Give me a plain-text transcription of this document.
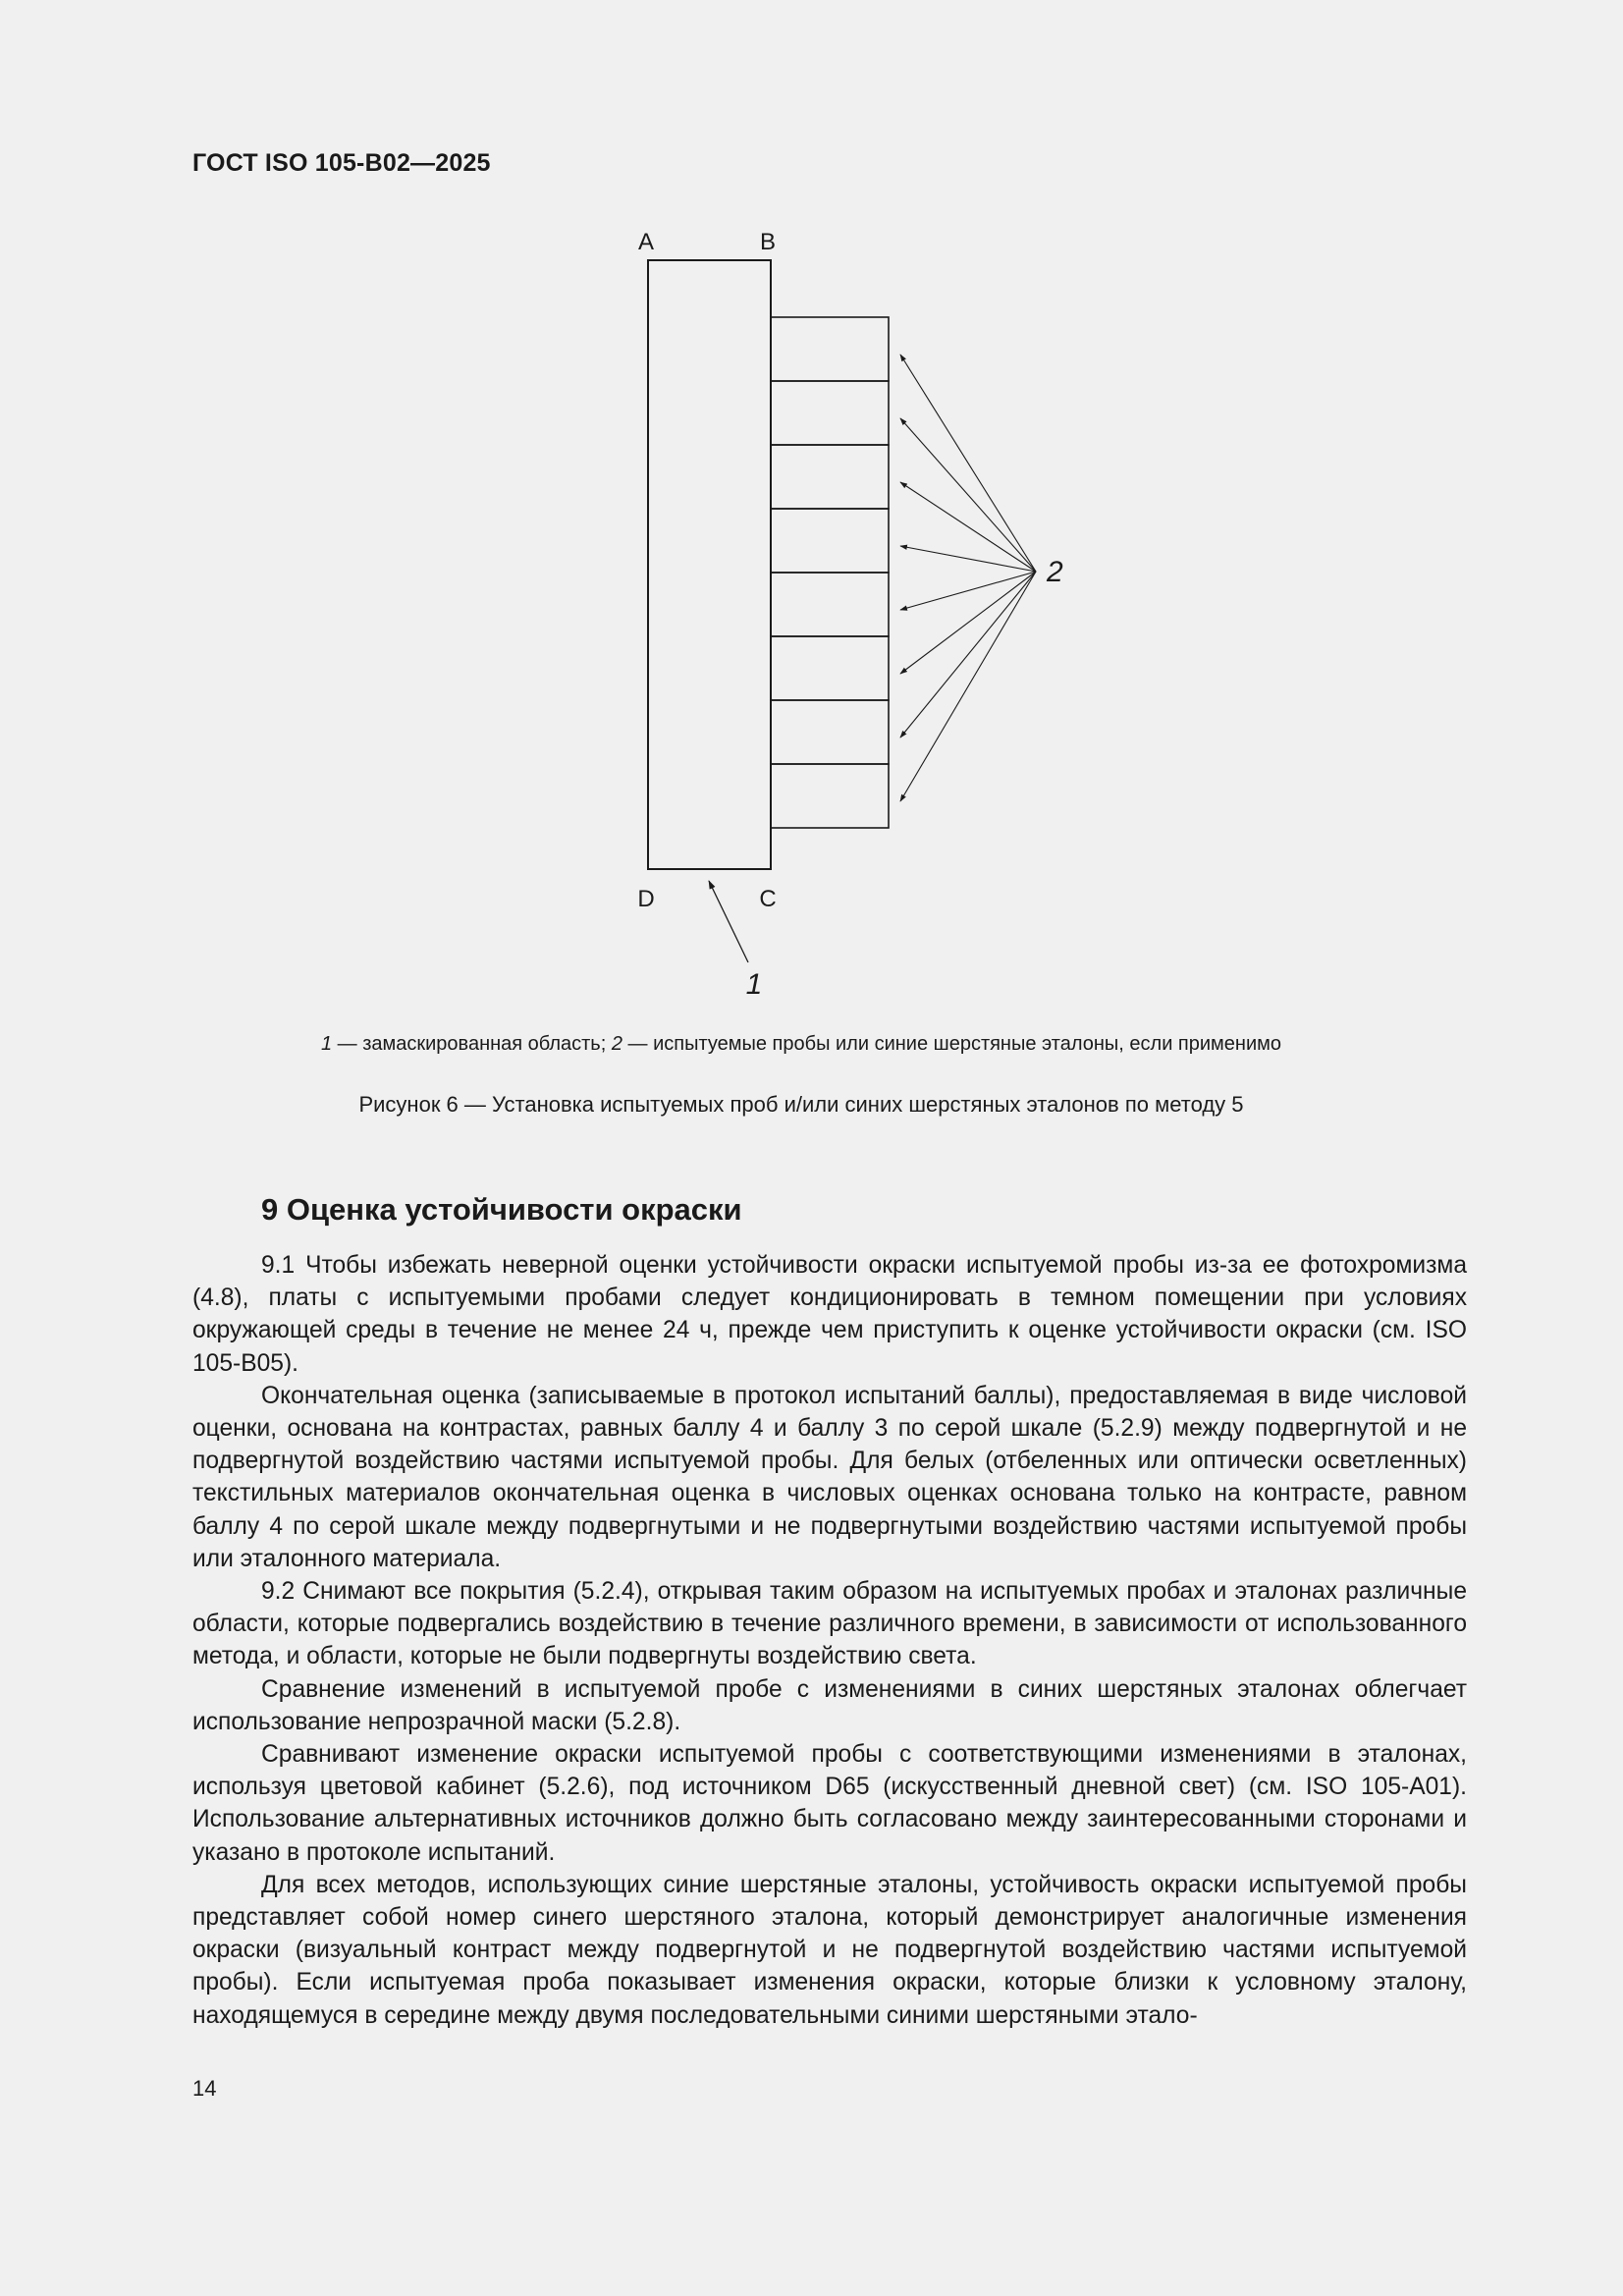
ГОСТ ISO 105-B02—2025
A	B
D	C
1
2
1 — замаскированная область; 2 — испытуемые пробы или синие шерстяные эталоны, если применимо
Рисунок 6 — Установка испытуемых проб и/или синих шерстяных эталонов по методу 5
9 Оценка устойчивости окраски

9.1 Чтобы избежать неверной оценки устойчивости окраски испытуемой пробы из-за ее фотохромизма (4.8), платы с испытуемыми пробами следует кондиционировать в темном помещении при условиях окружающей среды в течение не менее 24 ч, прежде чем приступить к оценке устойчивости окраски (см. ISO 105-B05).

Окончательная оценка (записываемые в протокол испытаний баллы), предоставляемая в виде числовой оценки, основана на контрастах, равных баллу 4 и баллу 3 по серой шкале (5.2.9) между подвергнутой и не подвергнутой воздействию частями испытуемой пробы. Для белых (отбеленных или оптически осветленных) текстильных материалов окончательная оценка в числовых оценках основана только на контрасте, равном баллу 4 по серой шкале между подвергнутыми и не подвергнутыми воздействию частями испытуемой пробы или эталонного материала.

9.2 Снимают все покрытия (5.2.4), открывая таким образом на испытуемых пробах и эталонах различные области, которые подвергались воздействию в течение различного времени, в зависимости от использованного метода, и области, которые не были подвергнуты воздействию света.

Сравнение изменений в испытуемой пробе с изменениями в синих шерстяных эталонах облегчает использование непрозрачной маски (5.2.8).

Сравнивают изменение окраски испытуемой пробы с соответствующими изменениями в эталонах, используя цветовой кабинет (5.2.6), под источником D65 (искусственный дневной свет) (см. ISO 105-A01). Использование альтернативных источников должно быть согласовано между заинтересованными сторонами и указано в протоколе испытаний.

Для всех методов, использующих синие шерстяные эталоны, устойчивость окраски испытуемой пробы представляет собой номер синего шерстяного эталона, который демонстрирует аналогичные изменения окраски (визуальный контраст между подвергнутой и не подвергнутой воздействию частями испытуемой пробы). Если испытуемая проба показывает изменения окраски, которые близки к условному эталону, находящемуся в середине между двумя последовательными синими шерстяными этало-

14
